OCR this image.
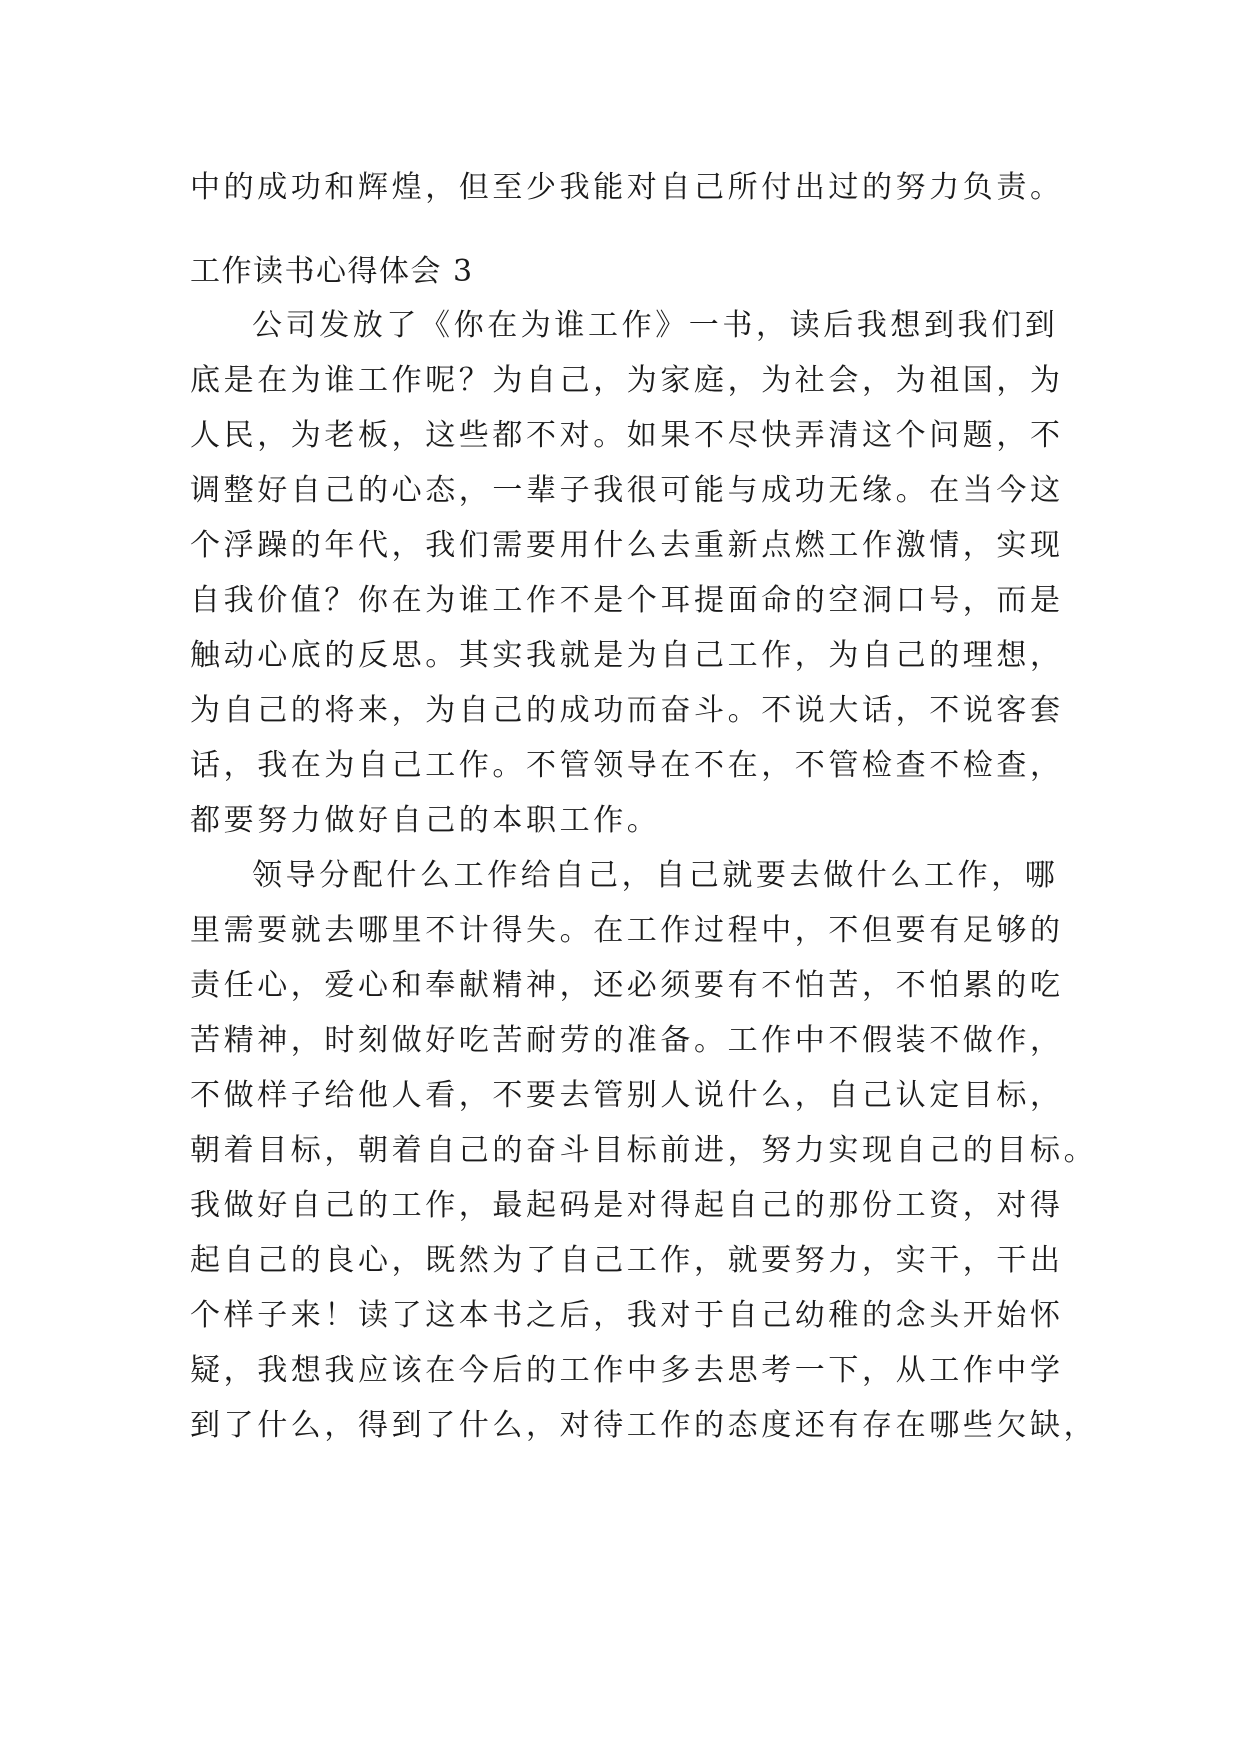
中的成功和辉煌，但至少我能对自己所付出过的努力负责。
工作读书心得体会 3
公司发放了《你在为谁工作》一书，读后我想到我们到
底是在为谁工作呢？为自己，为家庭，为社会，为祖国，为
人民，为老板，这些都不对。如果不尽快弄清这个问题，不
调整好自己的心态，一辈子我很可能与成功无缘。在当今这
个浮躁的年代，我们需要用什么去重新点燃工作激情，实现
自我价值？你在为谁工作不是个耳提面命的空洞口号，而是
触动心底的反思。其实我就是为自己工作，为自己的理想，
为自己的将来，为自己的成功而奋斗。不说大话，不说客套
话，我在为自己工作。不管领导在不在，不管检查不检查，
都要努力做好自己的本职工作。
领导分配什么工作给自己，自己就要去做什么工作，哪
里需要就去哪里不计得失。在工作过程中，不但要有足够的
责任心，爱心和奉献精神，还必须要有不怕苦，不怕累的吃
苦精神，时刻做好吃苦耐劳的准备。工作中不假装不做作，
不做样子给他人看，不要去管别人说什么，自己认定目标，
朝着目标，朝着自己的奋斗目标前进，努力实现自己的目标。
我做好自己的工作，最起码是对得起自己的那份工资，对得
起自己的良心，既然为了自己工作，就要努力，实干，干出
个样子来！读了这本书之后，我对于自己幼稚的念头开始怀
疑，我想我应该在今后的工作中多去思考一下，从工作中学
到了什么，得到了什么，对待工作的态度还有存在哪些欠缺，
